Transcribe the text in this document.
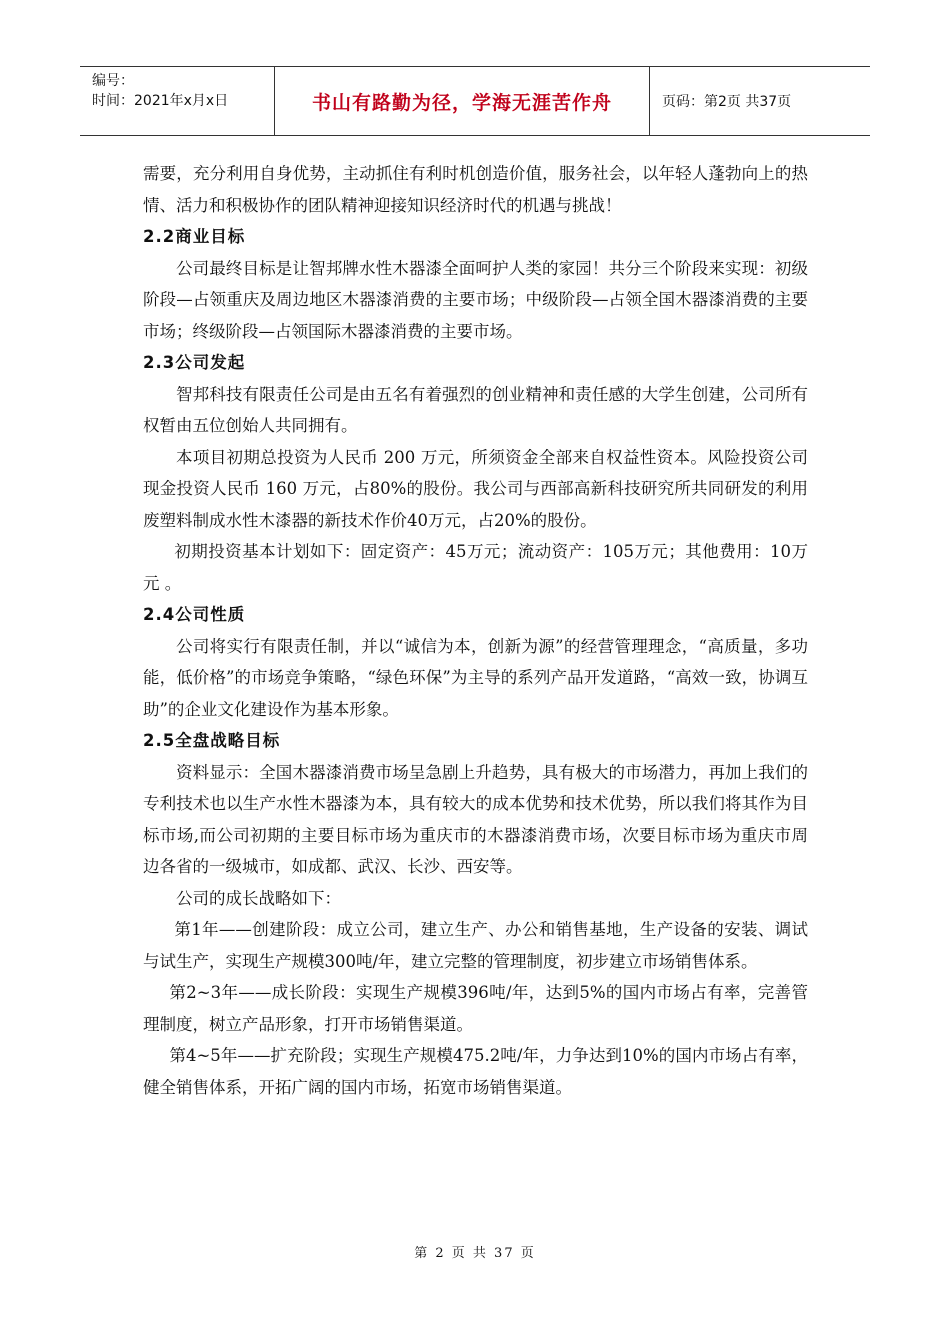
编号：
时间：2021年x月x日	书山有路勤为径，学海无涯苦作舟	页码：第2页 共37页

需要，充分利用自身优势，主动抓住有利时机创造价值，服务社会，以年轻人蓬勃向上的热情、活力和积极协作的团队精神迎接知识经济时代的机遇与挑战！

2.2商业目标

公司最终目标是让智邦牌水性木器漆全面呵护人类的家园！共分三个阶段来实现：初级阶段—占领重庆及周边地区木器漆消费的主要市场；中级阶段—占领全国木器漆消费的主要市场；终级阶段—占领国际木器漆消费的主要市场。

2.3公司发起

智邦科技有限责任公司是由五名有着强烈的创业精神和责任感的大学生创建，公司所有权暂由五位创始人共同拥有。

本项目初期总投资为人民币 200 万元，所须资金全部来自权益性资本。风险投资公司现金投资人民币 160 万元，占80%的股份。我公司与西部高新科技研究所共同研发的利用废塑料制成水性木漆器的新技术作价40万元，占20%的股份。

初期投资基本计划如下：固定资产：45万元；流动资产：105万元；其他费用：10万元 。

2.4公司性质

公司将实行有限责任制，并以“诚信为本，创新为源”的经营管理理念，“高质量，多功能，低价格”的市场竞争策略，“绿色环保”为主导的系列产品开发道路，“高效一致，协调互助”的企业文化建设作为基本形象。

2.5全盘战略目标

资料显示：全国木器漆消费市场呈急剧上升趋势，具有极大的市场潜力，再加上我们的专利技术也以生产水性木器漆为本，具有较大的成本优势和技术优势，所以我们将其作为目标市场,而公司初期的主要目标市场为重庆市的木器漆消费市场，次要目标市场为重庆市周边各省的一级城市，如成都、武汉、长沙、西安等。

公司的成长战略如下：

第1年——创建阶段：成立公司，建立生产、办公和销售基地，生产设备的安装、调试与试生产，实现生产规模300吨/年，建立完整的管理制度，初步建立市场销售体系。

第2~3年——成长阶段：实现生产规模396吨/年，达到5%的国内市场占有率，完善管理制度，树立产品形象，打开市场销售渠道。

第4~5年——扩充阶段；实现生产规模475.2吨/年，力争达到10%的国内市场占有率，健全销售体系，开拓广阔的国内市场，拓宽市场销售渠道。

第 2 页 共 37 页
